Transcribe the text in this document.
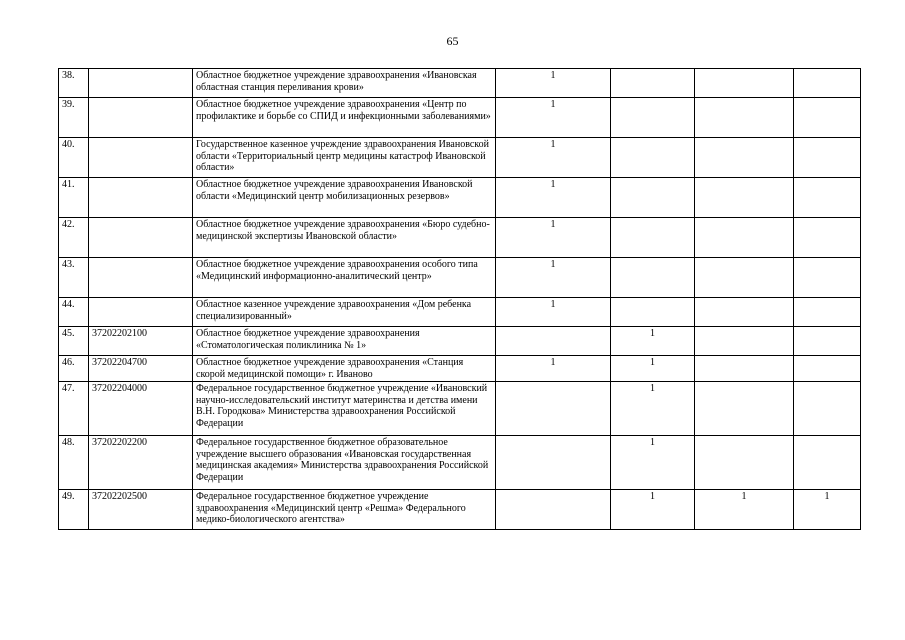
65
38.		Областное бюджетное учреждение здравоохранения «Ивановская областная станция переливания крови»	1			
39.		Областное бюджетное учреждение здравоохранения «Центр по профилактике и борьбе со СПИД и инфекционными заболеваниями»	1			
40.		Государственное казенное учреждение здравоохранения Ивановской области «Территориальный центр медицины катастроф Ивановской области»	1			
41.		Областное бюджетное учреждение здравоохранения Ивановской области «Медицинский центр мобилизационных резервов»	1			
42.		Областное бюджетное учреждение здравоохранения «Бюро судебно-медицинской экспертизы Ивановской области»	1			
43.		Областное бюджетное учреждение здравоохранения особого типа «Медицинский информационно-аналитический центр»	1			
44.		Областное казенное учреждение здравоохранения «Дом ребенка специализированный»	1			
45.	37202202100	Областное бюджетное учреждение здравоохранения «Стоматологическая поликлиника № 1»		1		
46.	37202204700	Областное бюджетное учреждение здравоохранения «Станция скорой медицинской помощи» г. Иваново	1	1		
47.	37202204000	Федеральное государственное бюджетное учреждение «Ивановский научно-исследовательский институт материнства и детства имени В.Н. Городкова» Министерства здравоохранения Российской Федерации		1		
48.	37202202200	Федеральное государственное бюджетное образовательное учреждение высшего образования «Ивановская государственная медицинская академия» Министерства здравоохранения Российской Федерации		1		
49.	37202202500	Федеральное государственное бюджетное учреждение здравоохранения «Медицинский центр «Решма» Федерального медико-биологического агентства»		1	1	1
